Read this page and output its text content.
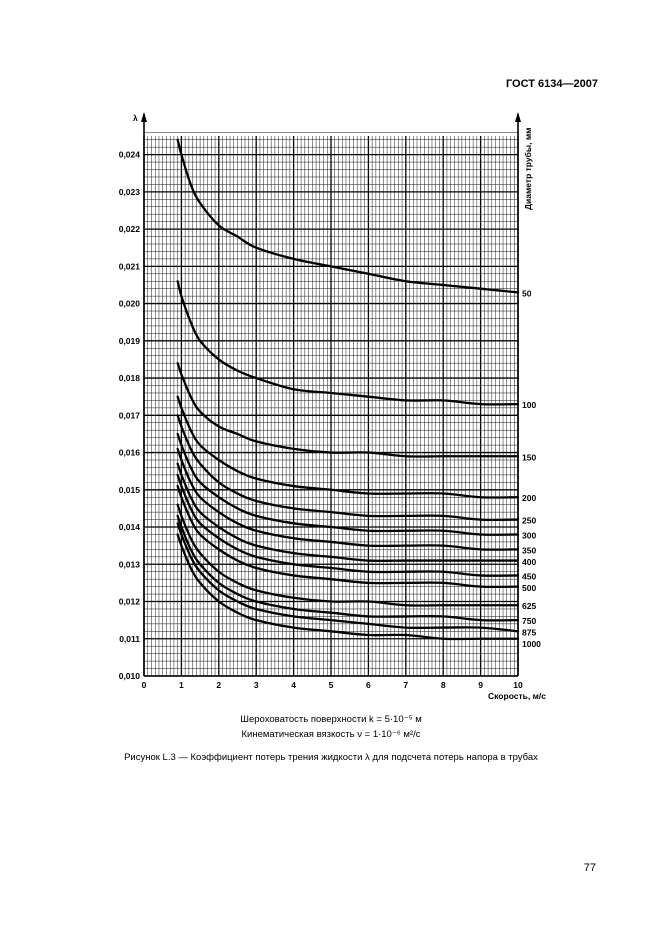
ГОСТ 6134—2007
0	1	2	3	4	5	6	7	8	9	10
0,010
0,011
0,012
0,013
0,014
0,015
0,016
0,017
0,018
0,019
0,020
0,021
0,022
0,023
0,024
50
100
150
200
250
300
350
400
450
500
625
750
875
1000
λ
Скорость, м/с
Диаметр трубы, мм
Шероховатость поверхности k = 5·10⁻⁵ м
Кинематическая вязкость ν = 1·10⁻⁶ м²/с
Рисунок L.3 — Коэффициент потерь трения жидкости λ для подсчета потерь напора в трубах
77
